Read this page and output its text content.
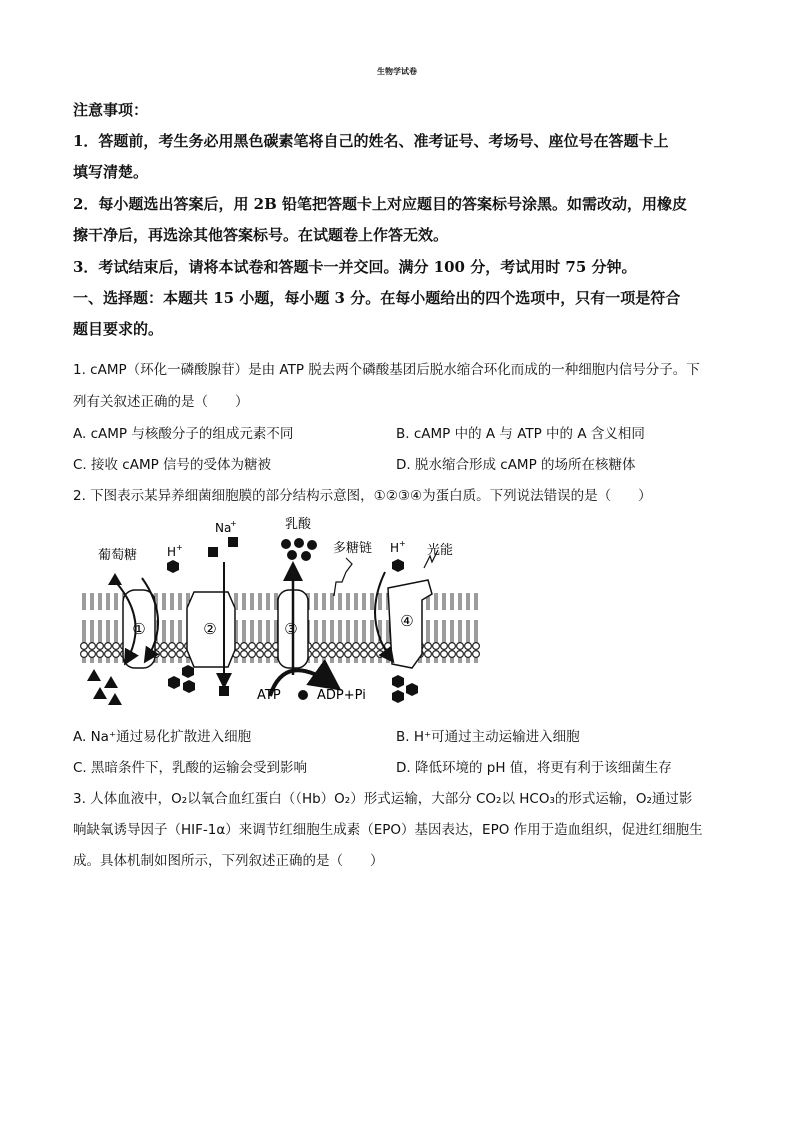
生物学试卷
注意事项：
1．答题前，考生务必用黑色碳素笔将自己的姓名、准考证号、考场号、座位号在答题卡上
填写清楚。
2．每小题选出答案后，用 2B 铅笔把答题卡上对应题目的答案标号涂黑。如需改动，用橡皮
擦干净后，再选涂其他答案标号。在试题卷上作答无效。
3．考试结束后，请将本试卷和答题卡一并交回。满分 100 分，考试用时 75 分钟。
一、选择题：本题共 15 小题，每小题 3 分。在每小题给出的四个选项中，只有一项是符合
题目要求的。
1. cAMP（环化一磷酸腺苷）是由 ATP 脱去两个磷酸基团后脱水缩合环化而成的一种细胞内信号分子。下
列有关叙述正确的是（　　）
A. cAMP 与核酸分子的组成元素不同	B. cAMP 中的 A 与 ATP 中的 A 含义相同
C. 接收 cAMP 信号的受体为糖被	D. 脱水缩合形成 cAMP 的场所在核糖体
2. 下图表示某异养细菌细胞膜的部分结构示意图，①②③④为蛋白质。下列说法错误的是（　　）
①	②	③	④
葡萄糖 H +
Na
+	乳酸
多糖链 H + 光能
ATP	ADP+Pi
A. Na⁺通过易化扩散进入细胞	B. H⁺可通过主动运输进入细胞
C. 黑暗条件下，乳酸的运输会受到影响	D. 降低环境的 pH 值，将更有利于该细菌生存
3. 人体血液中，O₂以氧合血红蛋白（（Hb）O₂）形式运输，大部分 CO₂以 HCO₃的形式运输，O₂通过影
响缺氧诱导因子（HIF-1α）来调节红细胞生成素（EPO）基因表达，EPO 作用于造血组织，促进红细胞生
成。具体机制如图所示，下列叙述正确的是（　　）
